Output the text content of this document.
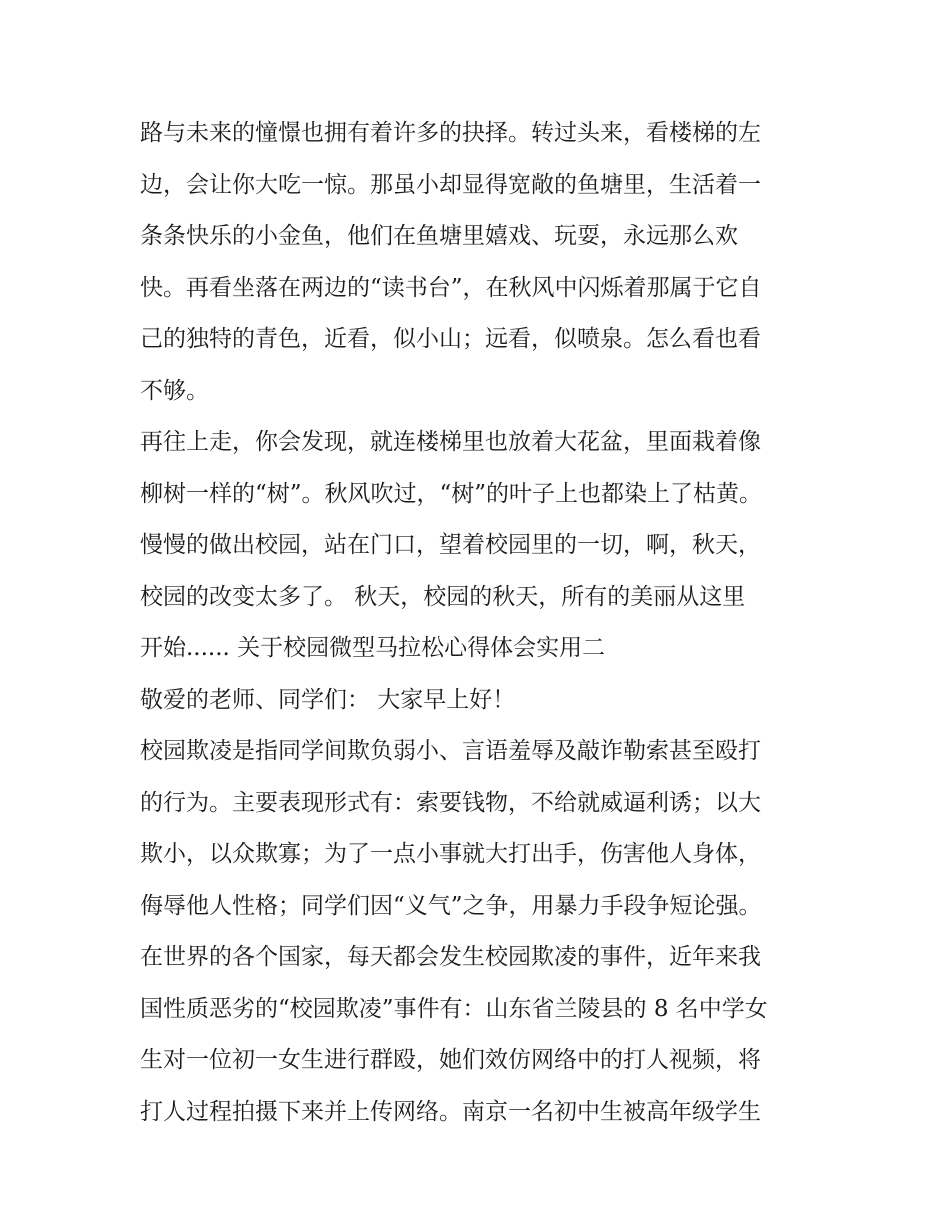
路与未来的憧憬也拥有着许多的抉择。转过头来，看楼梯的左
边，会让你大吃一惊。那虽小却显得宽敞的鱼塘里，生活着一
条条快乐的小金鱼，他们在鱼塘里嬉戏、玩耍，永远那么欢
快。再看坐落在两边的“读书台”，在秋风中闪烁着那属于它自
己的独特的青色，近看，似小山；远看，似喷泉。怎么看也看
不够。
再往上走，你会发现，就连楼梯里也放着大花盆，里面栽着像
柳树一样的“树”。秋风吹过，“树”的叶子上也都染上了枯黄。
慢慢的做出校园，站在门口，望着校园里的一切，啊，秋天，
校园的改变太多了。 秋天，校园的秋天，所有的美丽从这里
开始...... 关于校园微型马拉松心得体会实用二
敬爱的老师、同学们： 大家早上好！
校园欺凌是指同学间欺负弱小、言语羞辱及敲诈勒索甚至殴打
的行为。主要表现形式有：索要钱物，不给就威逼利诱；以大
欺小，以众欺寡；为了一点小事就大打出手，伤害他人身体，
侮辱他人性格；同学们因“义气”之争，用暴力手段争短论强。
在世界的各个国家，每天都会发生校园欺凌的事件，近年来我
国性质恶劣的“校园欺凌”事件有：山东省兰陵县的 8 名中学女
生对一位初一女生进行群殴，她们效仿网络中的打人视频，将
打人过程拍摄下来并上传网络。南京一名初中生被高年级学生
